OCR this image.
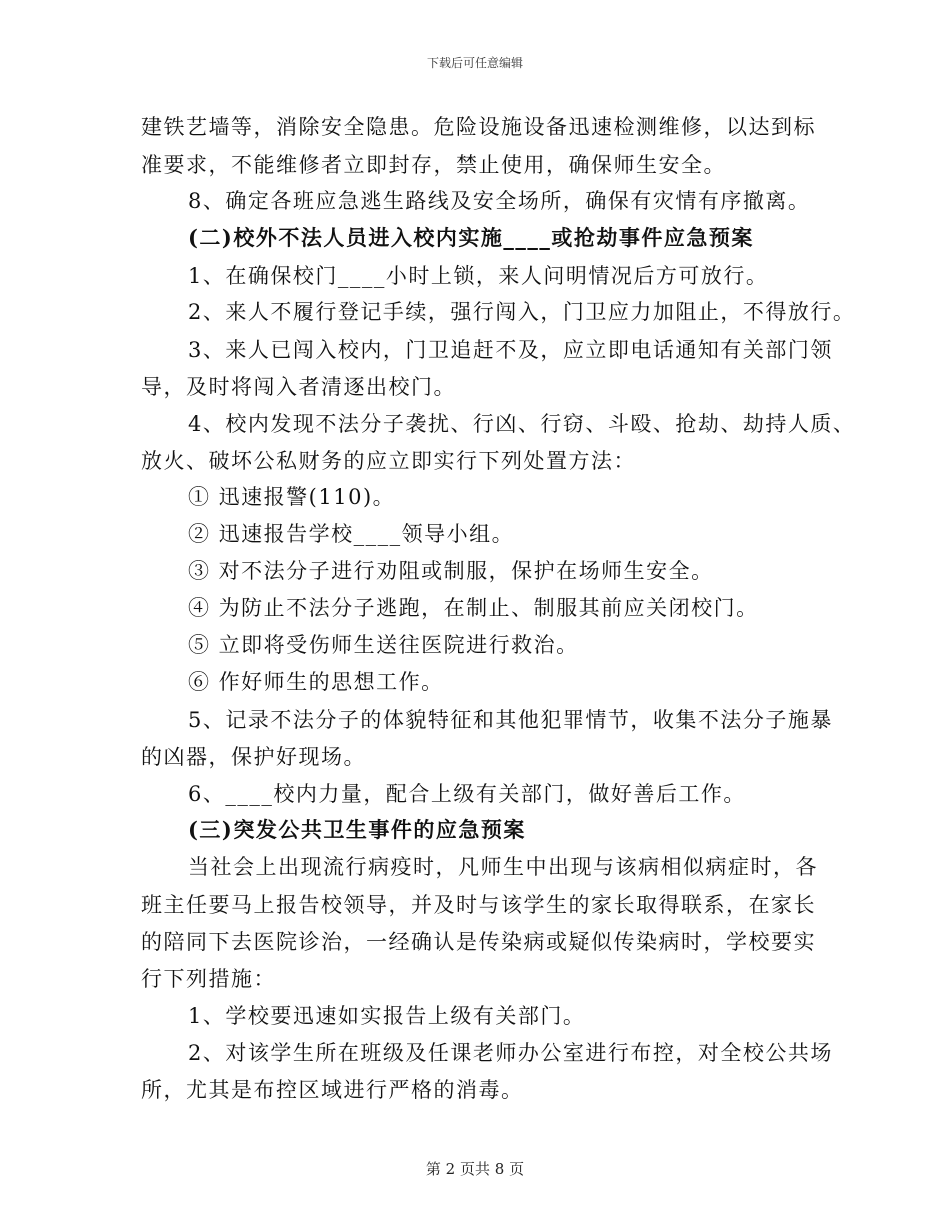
下载后可任意编辑
建铁艺墙等，消除安全隐患。危险设施设备迅速检测维修，以达到标
准要求，不能维修者立即封存，禁止使用，确保师生安全。
8、确定各班应急逃生路线及安全场所，确保有灾情有序撤离。
(二)校外不法人员进入校内实施____或抢劫事件应急预案
1、在确保校门____小时上锁，来人问明情况后方可放行。
2、来人不履行登记手续，强行闯入，门卫应力加阻止，不得放行。
3、来人已闯入校内，门卫追赶不及，应立即电话通知有关部门领
导，及时将闯入者清逐出校门。
4、校内发现不法分子袭扰、行凶、行窃、斗殴、抢劫、劫持人质、
放火、破坏公私财务的应立即实行下列处置方法：
① 迅速报警(110)。
② 迅速报告学校____领导小组。
③ 对不法分子进行劝阻或制服，保护在场师生安全。
④ 为防止不法分子逃跑，在制止、制服其前应关闭校门。
⑤ 立即将受伤师生送往医院进行救治。
⑥ 作好师生的思想工作。
5、记录不法分子的体貌特征和其他犯罪情节，收集不法分子施暴
的凶器，保护好现场。
6、____校内力量，配合上级有关部门，做好善后工作。
(三)突发公共卫生事件的应急预案
当社会上出现流行病疫时，凡师生中出现与该病相似病症时，各
班主任要马上报告校领导，并及时与该学生的家长取得联系，在家长
的陪同下去医院诊治，一经确认是传染病或疑似传染病时，学校要实
行下列措施：
1、学校要迅速如实报告上级有关部门。
2、对该学生所在班级及任课老师办公室进行布控，对全校公共场
所，尤其是布控区域进行严格的消毒。
第 2 页共 8 页
